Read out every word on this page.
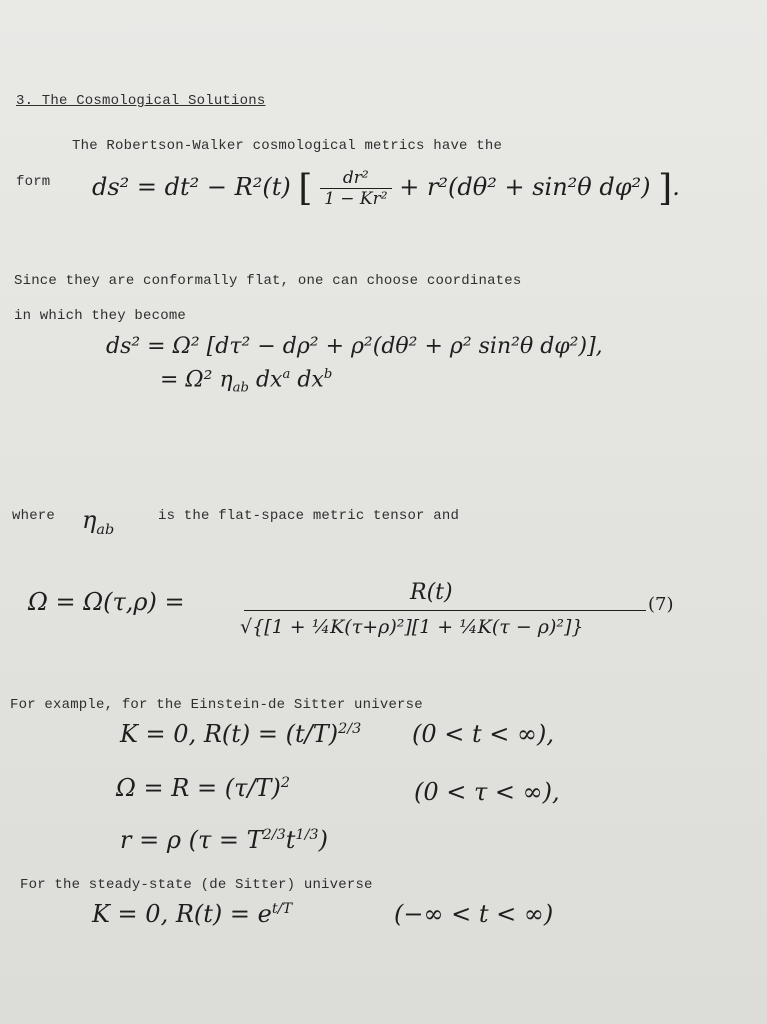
3. The Cosmological Solutions
The Robertson-Walker cosmological metrics have the
form
Since they are conformally flat, one can choose coordinates
in which they become
where	is the flat-space metric tensor and
For example, for the Einstein-de Sitter universe
For the steady-state (de Sitter) universe
ds² = dt² − R²(t) [ $\frac{\text{dr²}}{\text{1 − Kr²}} + r^2(d\theta^2 + \sin^2\theta$ dφ²) ].
ds² = Ω² [dτ² − dρ² + ρ²(dθ² + ρ² sin²θ dφ²)],
= Ω² $\eta_{ab}$ $dx^a$ $dx^b$
$\eta_{ab}$
Ω = Ω(τ,ρ) =	R(t)
√{[1 + ¼K(τ+ρ)²][1 + ¼K(τ − ρ)²]}
(7)
K = 0, $R(t) = (t/T)^{2/3}$ (0 < t < ∞),
$\Omega = R = (\tau/T)^2$	(0 < τ < ∞),
r = ρ $(\tau = T^{2/3}t^{1/3})$
K = 0, $R(t) = e^{t/T}$	(−∞ < t < ∞)
